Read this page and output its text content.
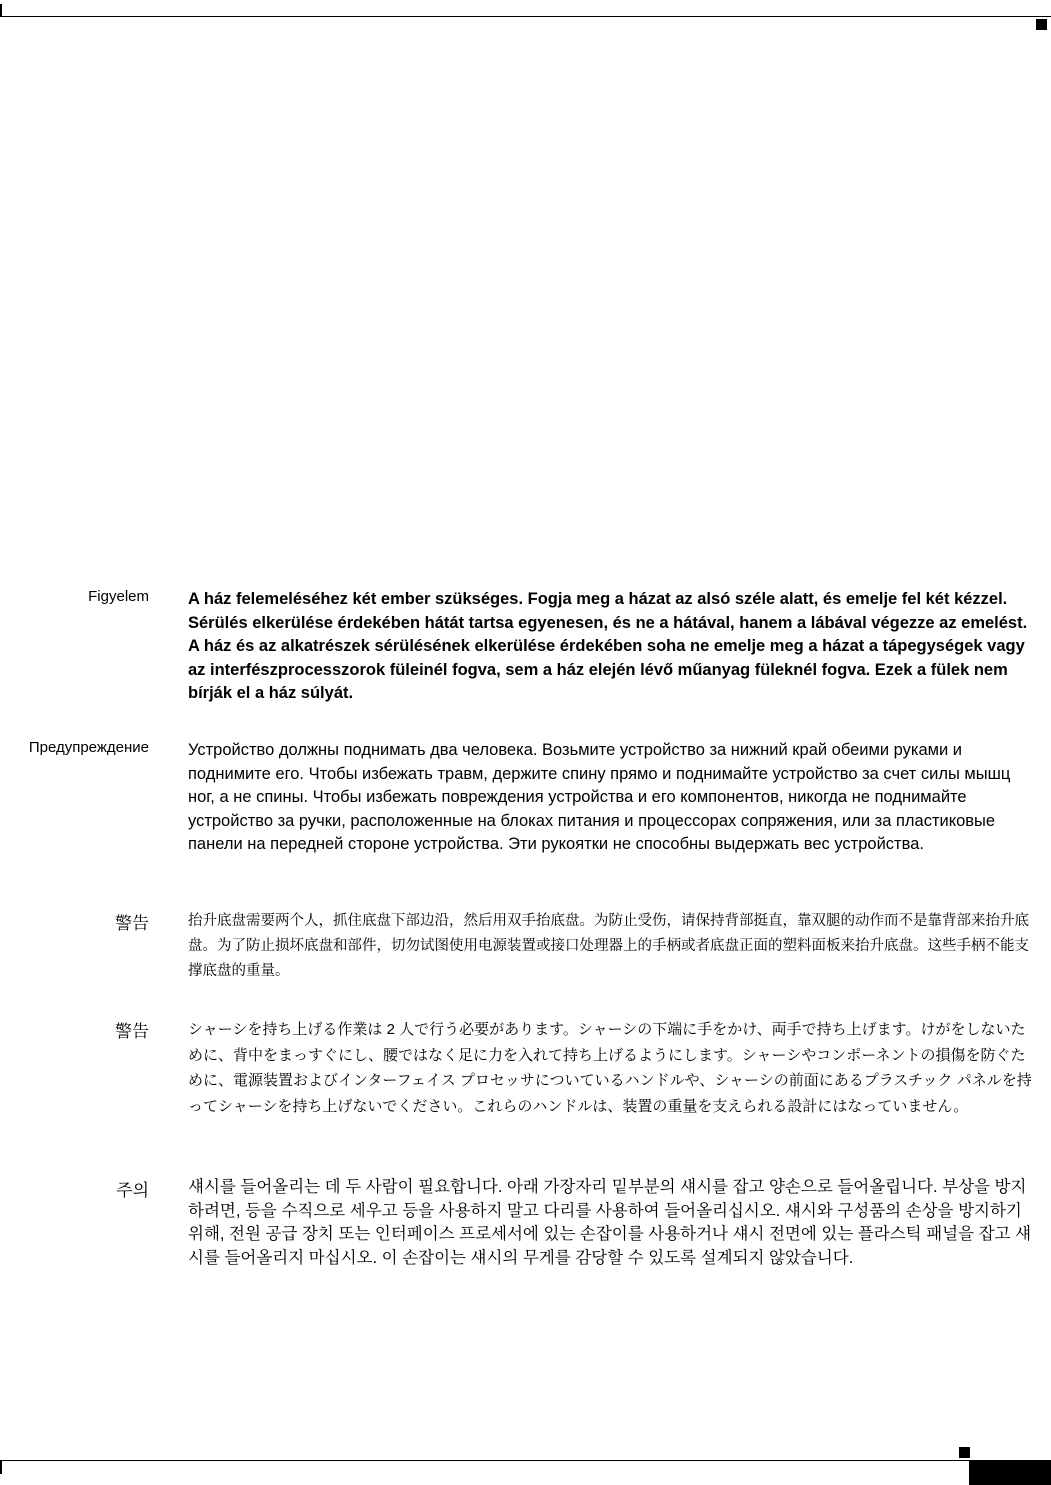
Figyelem A ház felemeléséhez két ember szükséges. Fogja meg a házat az alsó széle alatt, és emelje fel két kézzel. Sérülés elkerülése érdekében hátát tartsa egyenesen, és ne a hátával, hanem a lábával végezze az emelést. A ház és az alkatrészek sérülésének elkerülése érdekében soha ne emelje meg a házat a tápegységek vagy az interfészprocesszorok füleinél fogva, sem a ház elején lévő műanyag füleknél fogva. Ezek a fülek nem bírják el a ház súlyát.
Предупреждение Устройство должны поднимать два человека. Возьмите устройство за нижний край обеими руками и поднимите его. Чтобы избежать травм, держите спину прямо и поднимайте устройство за счет силы мышц ног, а не спины. Чтобы избежать повреждения устройства и его компонентов, никогда не поднимайте устройство за ручки, расположенные на блоках питания и процессорах сопряжения, или за пластиковые панели на передней стороне устройства. Эти рукоятки не способны выдержать вес устройства.
警告	抬升底盘需要两个人，抓住底盘下部边沿，然后用双手抬底盘。为防止受伤，请保持背部挺直，靠双腿的动作而不是靠背部来抬升底盘。为了防止损坏底盘和部件，切勿试图使用电源装置或接口处理器上的手柄或者底盘正面的塑料面板来抬升底盘。这些手柄不能支撑底盘的重量。
警告	シャーシを持ち上げる作業は 2 人で行う必要があります。シャーシの下端に手をかけ、両手で持ち上げます。けがをしないために、背中をまっすぐにし、腰ではなく足に力を入れて持ち上げるようにします。シャーシやコンポーネントの損傷を防ぐために、電源装置およびインターフェイス プロセッサについているハンドルや、シャーシの前面にあるプラスチック パネルを持ってシャーシを持ち上げないでください。これらのハンドルは、装置の重量を支えられる設計にはなっていません。
주의 섀시를 들어올리는 데 두 사람이 필요합니다. 아래 가장자리 밑부분의 섀시를 잡고 양손으로 들어올립니다. 부상을 방지하려면, 등을 수직으로 세우고 등을 사용하지 말고 다리를 사용하여 들어올리십시오. 섀시와 구성품의 손상을 방지하기 위해, 전원 공급 장치 또는 인터페이스 프로세서에 있는 손잡이를 사용하거나 섀시 전면에 있는 플라스틱 패널을 잡고 섀시를 들어올리지 마십시오. 이 손잡이는 섀시의 무게를 감당할 수 있도록 설계되지 않았습니다.
